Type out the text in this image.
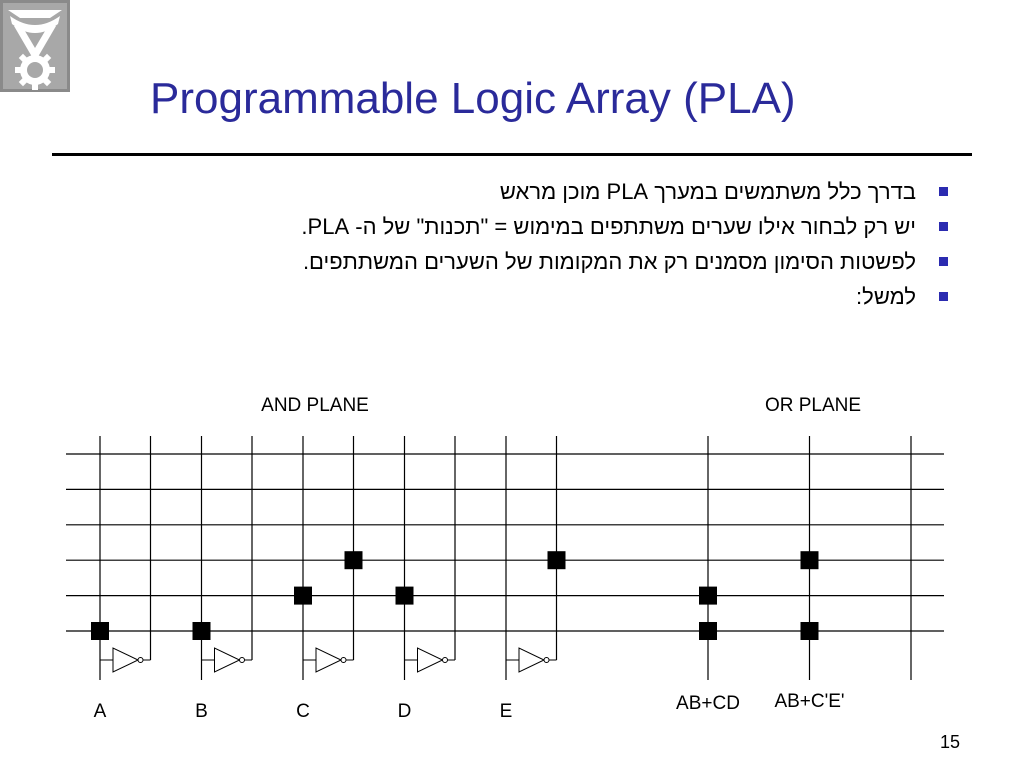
Programmable Logic Array (PLA)
בדרך כלל משתמשים במערך PLA מוכן מראש
יש רק לבחור אילו שערים משתתפים במימוש = "תכנות" של ה- PLA.
לפשטות הסימון מסמנים רק את המקומות של השערים המשתתפים.
למשל:
AND PLANE	OR PLANE
A	B	C	D	E	AB+CD AB+C'E'
15
